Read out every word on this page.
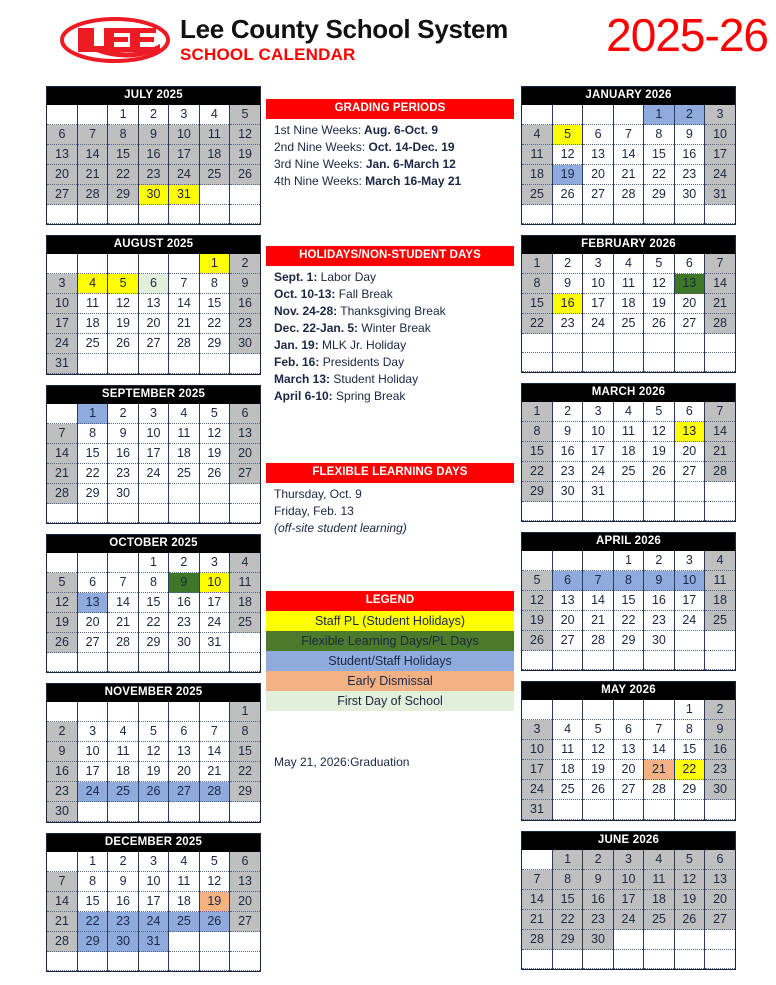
Lee County School System
SCHOOL CALENDAR	2025-26
JULY 2025
		1	2	3	4	5
6	7	8	9	10	11	12
13	14	15	16	17	18	19
20	21	22	23	24	25	26
27	28	29	30	31		

AUGUST 2025
					1	2
3	4	5	6	7	8	9
10	11	12	13	14	15	16
17	18	19	20	21	22	23
24	25	26	27	28	29	30
31						
SEPTEMBER 2025
	1	2	3	4	5	6
7	8	9	10	11	12	13
14	15	16	17	18	19	20
21	22	23	24	25	26	27
28	29	30				

OCTOBER 2025
			1	2	3	4
5	6	7	8	9	10	11
12	13	14	15	16	17	18
19	20	21	22	23	24	25
26	27	28	29	30	31	

NOVEMBER 2025
						1
2	3	4	5	6	7	8
9	10	11	12	13	14	15
16	17	18	19	20	21	22
23	24	25	26	27	28	29
30						
DECEMBER 2025
	1	2	3	4	5	6
7	8	9	10	11	12	13
14	15	16	17	18	19	20
21	22	23	24	25	26	27
28	29	30	31			

JANUARY 2026
				1	2	3
4	5	6	7	8	9	10
11	12	13	14	15	16	17
18	19	20	21	22	23	24
25	26	27	28	29	30	31

FEBRUARY 2026
1	2	3	4	5	6	7
8	9	10	11	12	13	14
15	16	17	18	19	20	21
22	23	24	25	26	27	28

MARCH 2026
1	2	3	4	5	6	7
8	9	10	11	12	13	14
15	16	17	18	19	20	21
22	23	24	25	26	27	28
29	30	31				

APRIL 2026
			1	2	3	4
5	6	7	8	9	10	11
12	13	14	15	16	17	18
19	20	21	22	23	24	25
26	27	28	29	30		

MAY 2026
					1	2
3	4	5	6	7	8	9
10	11	12	13	14	15	16
17	18	19	20	21	22	23
24	25	26	27	28	29	30
31						
JUNE 2026
	1	2	3	4	5	6
7	8	9	10	11	12	13
14	15	16	17	18	19	20
21	22	23	24	25	26	27
28	29	30				

GRADING PERIODS
1st Nine Weeks: Aug. 6-Oct. 9
2nd Nine Weeks: Oct. 14-Dec. 19
3rd Nine Weeks: Jan. 6-March 12
4th Nine Weeks: March 16-May 21
HOLIDAYS/NON-STUDENT DAYS
Sept. 1: Labor Day
Oct. 10-13: Fall Break
Nov. 24-28: Thanksgiving Break
Dec. 22-Jan. 5: Winter Break
Jan. 19: MLK Jr. Holiday
Feb. 16: Presidents Day
March 13: Student Holiday
April 6-10: Spring Break
FLEXIBLE LEARNING DAYS
Thursday, Oct. 9
Friday, Feb. 13
(off-site student learning)
LEGEND
Staff PL (Student Holidays)
Flexible Learning Days/PL Days
Student/Staff Holidays
Early Dismissal
First Day of School
May 21, 2026:Graduation
